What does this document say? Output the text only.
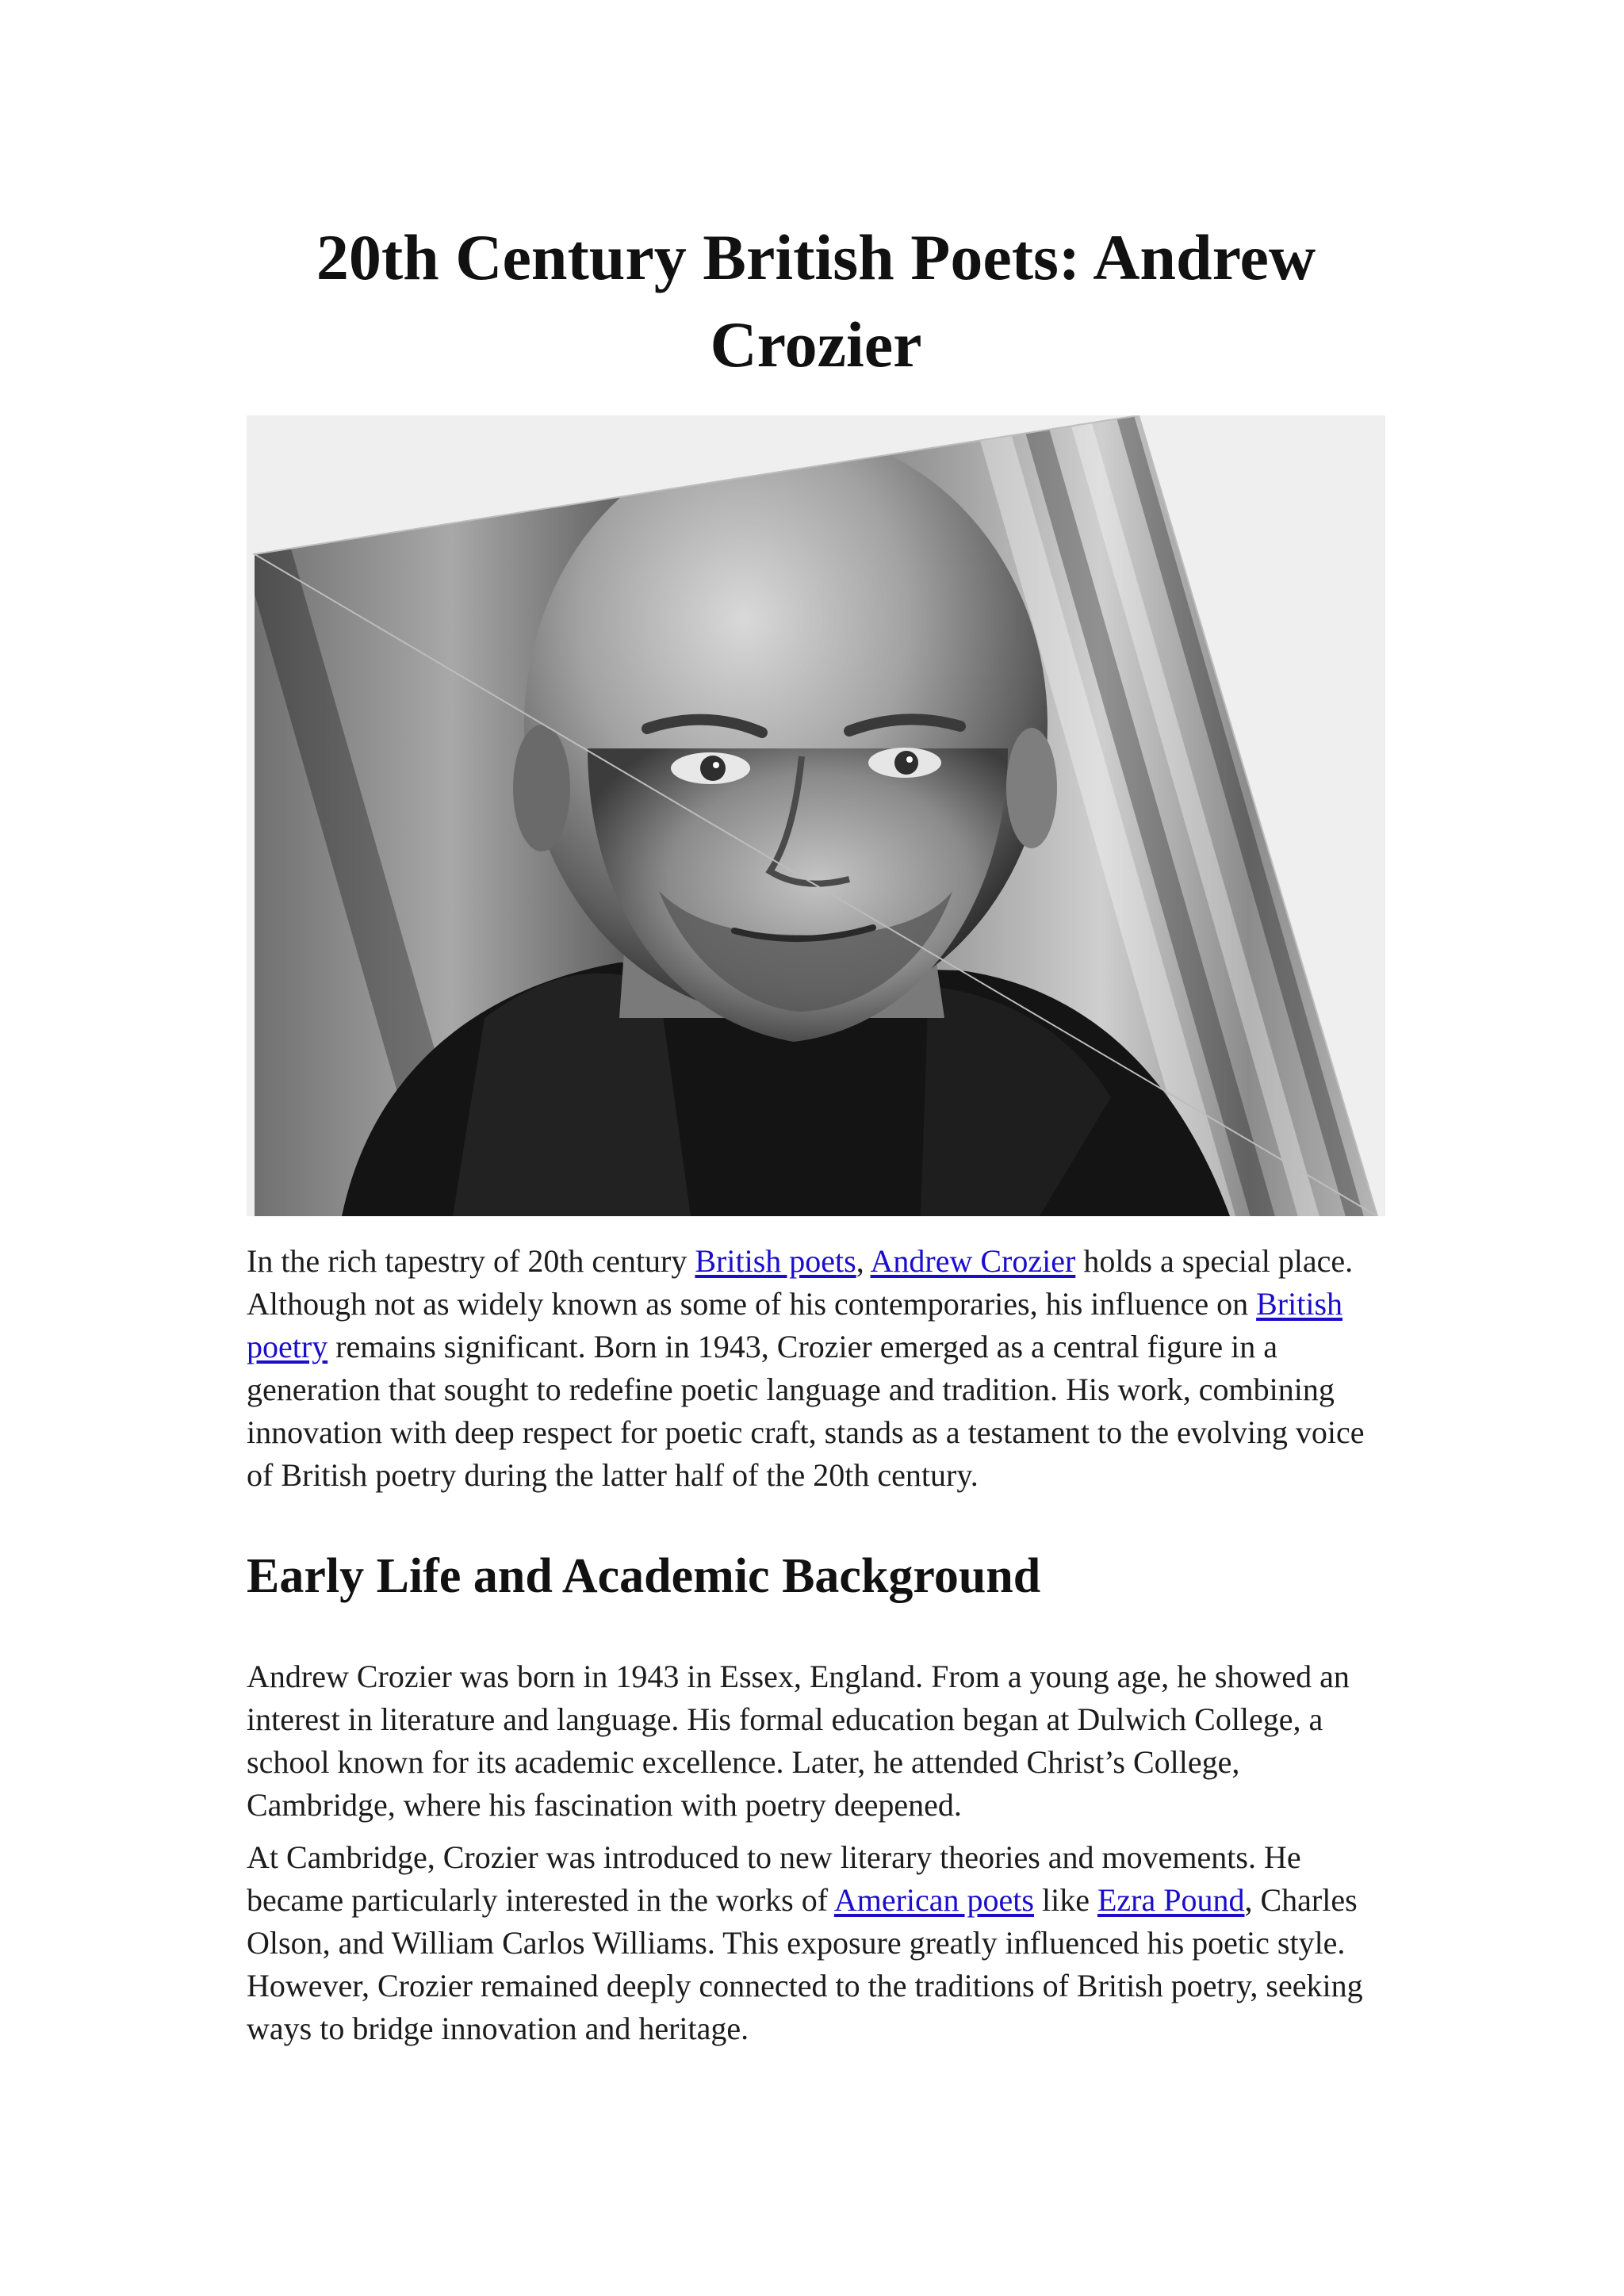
20th Century British Poets: Andrew Crozier

In the rich tapestry of 20th century British poets, Andrew Crozier holds a special place. Although not as widely known as some of his contemporaries, his influence on British poetry remains significant. Born in 1943, Crozier emerged as a central figure in a generation that sought to redefine poetic language and tradition. His work, combining innovation with deep respect for poetic craft, stands as a testament to the evolving voice of British poetry during the latter half of the 20th century.

Early Life and Academic Background

Andrew Crozier was born in 1943 in Essex, England. From a young age, he showed an interest in literature and language. His formal education began at Dulwich College, a school known for its academic excellence. Later, he attended Christ’s College, Cambridge, where his fascination with poetry deepened.

At Cambridge, Crozier was introduced to new literary theories and movements. He became particularly interested in the works of American poets like Ezra Pound, Charles Olson, and William Carlos Williams. This exposure greatly influenced his poetic style. However, Crozier remained deeply connected to the traditions of British poetry, seeking ways to bridge innovation and heritage.
